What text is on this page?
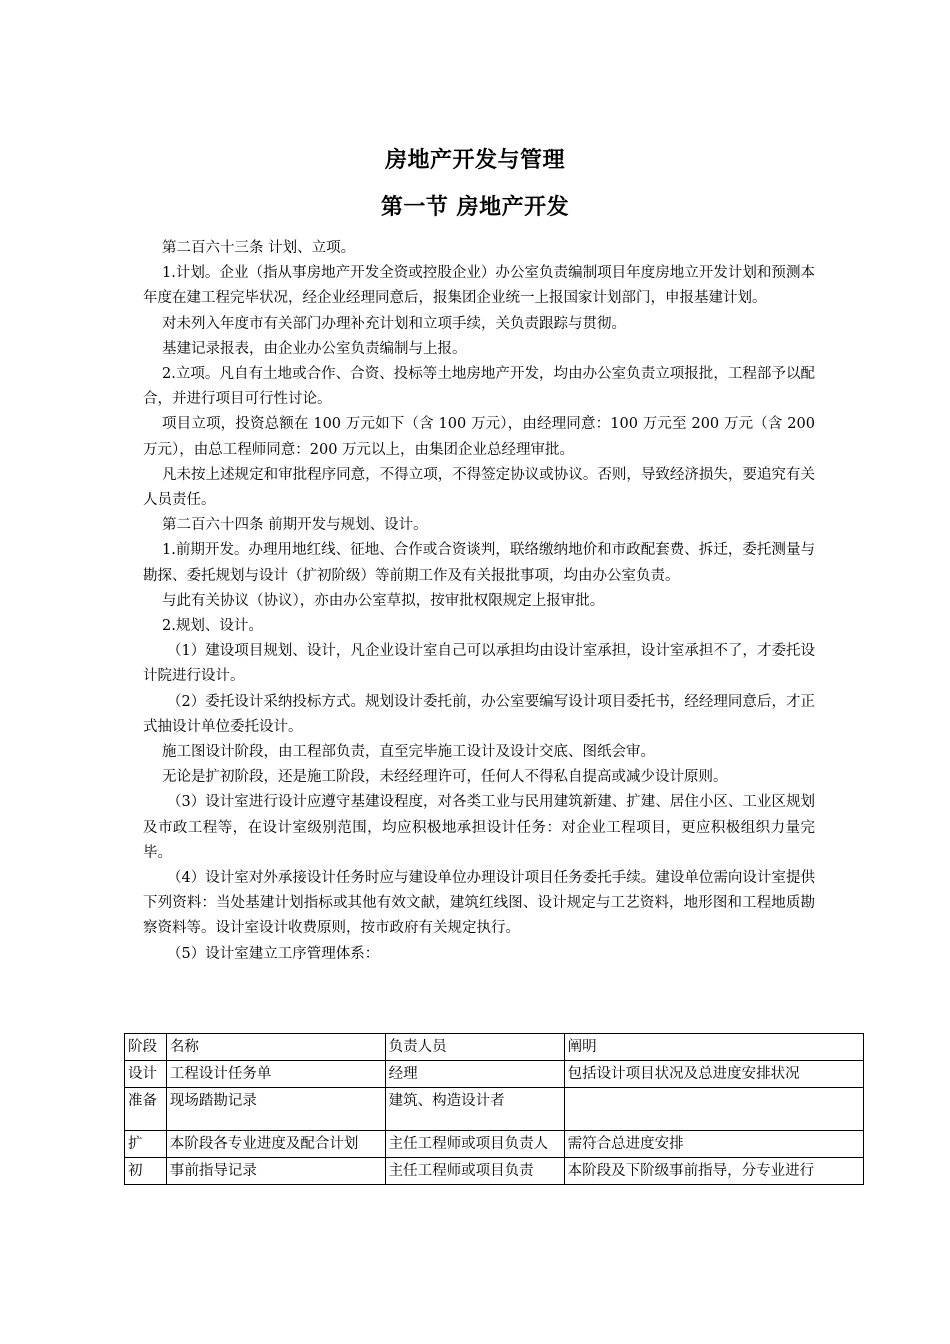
房地产开发与管理
第一节 房地产开发

第二百六十三条 计划、立项。

1.计划。企业（指从事房地产开发全资或控股企业）办公室负责编制项目年度房地立开发计划和预测本年度在建工程完毕状况，经企业经理同意后，报集团企业统一上报国家计划部门，申报基建计划。

对未列入年度市有关部门办理补充计划和立项手续，关负责跟踪与贯彻。

基建记录报表，由企业办公室负责编制与上报。

2.立项。凡自有土地或合作、合资、投标等土地房地产开发，均由办公室负责立项报批，工程部予以配合，并进行项目可行性讨论。

项目立项，投资总额在 100 万元如下（含 100 万元），由经理同意：100 万元至 200 万元（含 200 万元），由总工程师同意：200 万元以上，由集团企业总经理审批。

凡未按上述规定和审批程序同意，不得立项，不得签定协议或协议。否则，导致经济损失，要追究有关人员责任。

第二百六十四条 前期开发与规划、设计。

1.前期开发。办理用地红线、征地、合作或合资谈判，联络缴纳地价和市政配套费、拆迁，委托测量与勘探、委托规划与设计（扩初阶级）等前期工作及有关报批事项，均由办公室负责。

与此有关协议（协议），亦由办公室草拟，按审批权限规定上报审批。

2.规划、设计。

（1）建设项目规划、设计，凡企业设计室自己可以承担均由设计室承担，设计室承担不了，才委托设计院进行设计。

（2）委托设计采纳投标方式。规划设计委托前，办公室要编写设计项目委托书，经经理同意后，才正式抽设计单位委托设计。

施工图设计阶段，由工程部负责，直至完毕施工设计及设计交底、图纸会审。

无论是扩初阶段，还是施工阶段，未经经理许可，任何人不得私自提高或减少设计原则。

（3）设计室进行设计应遵守基建设程度，对各类工业与民用建筑新建、扩建、居住小区、工业区规划及市政工程等，在设计室级别范围，均应积极地承担设计任务：对企业工程项目，更应积极组织力量完毕。

（4）设计室对外承接设计任务时应与建设单位办理设计项目任务委托手续。建设单位需向设计室提供下列资料：当处基建计划指标或其他有效文献，建筑红线图、设计规定与工艺资料，地形图和工程地质勘察资料等。设计室设计收费原则，按市政府有关规定执行。

（5）设计室建立工序管理体系：

阶段	名称	负责人员	阐明
设计	工程设计任务单	经理	包括设计项目状况及总进度安排状况
准备	现场踏勘记录	建筑、构造设计者	
扩	本阶段各专业进度及配合计划	主任工程师或项目负责人	需符合总进度安排
初	事前指导记录	主任工程师或项目负责	本阶段及下阶级事前指导，分专业进行
